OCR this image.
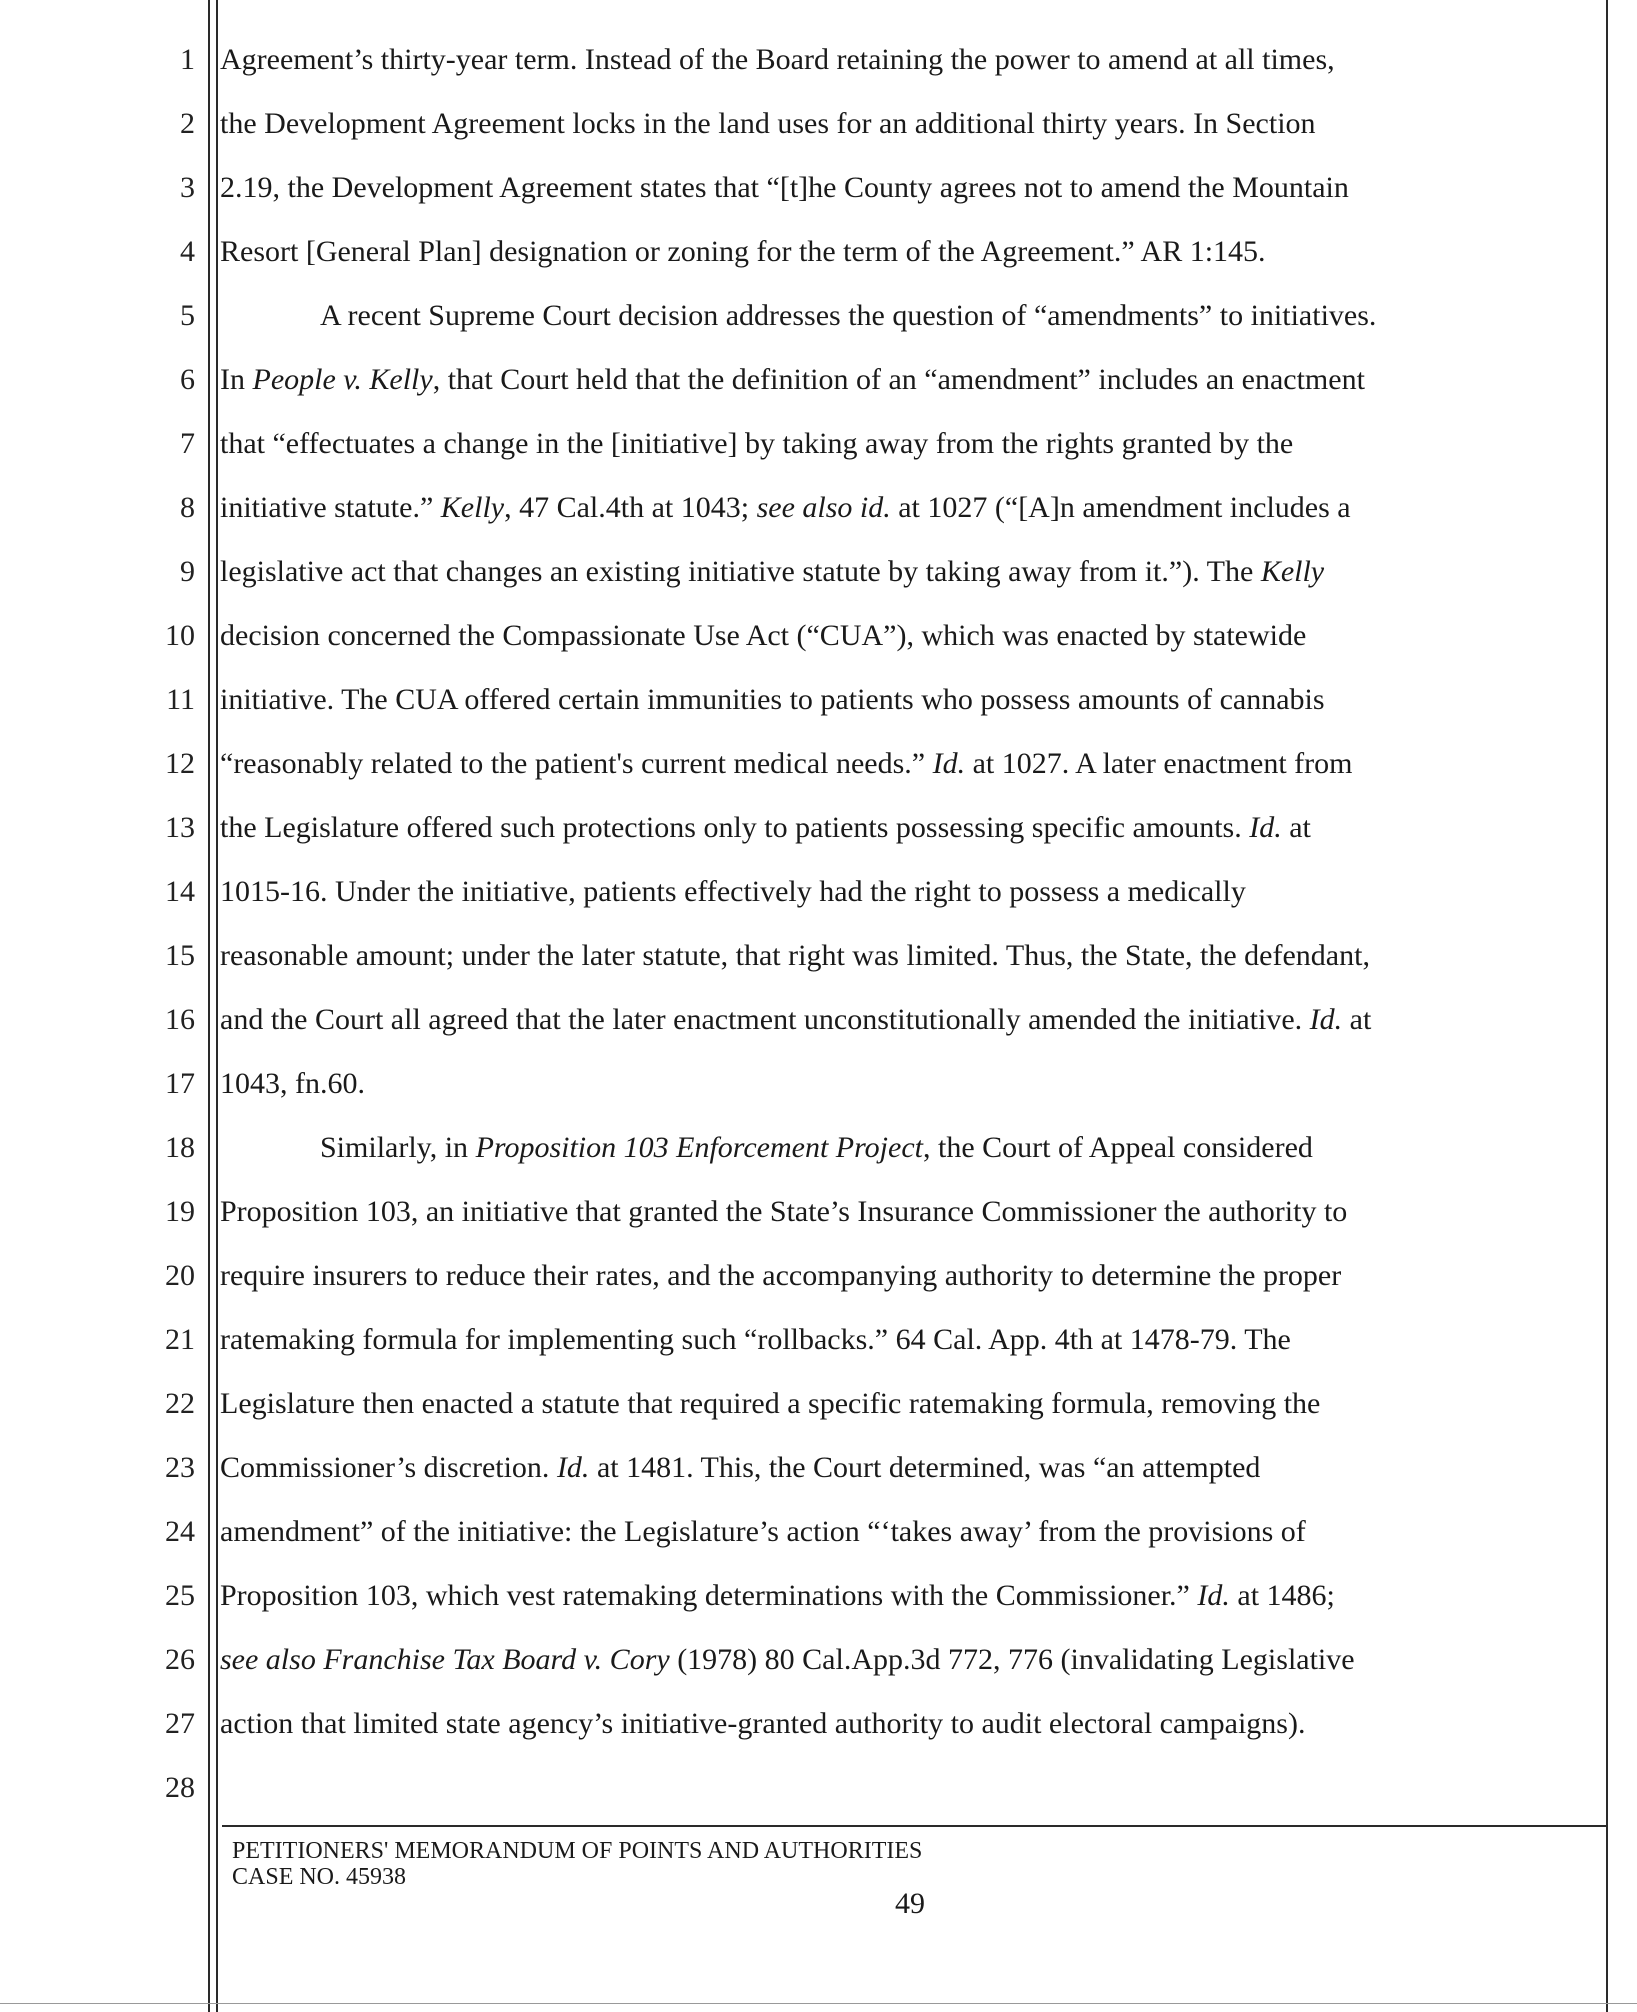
1
2
3
4
5
6
7
8
9
10
11
12
13
14
15
16
17
18
19
20
21
22
23
24
25
26
27
28
Agreement’s thirty-year term. Instead of the Board retaining the power to amend at all times,
the Development Agreement locks in the land uses for an additional thirty years. In Section
2.19, the Development Agreement states that “[t]he County agrees not to amend the Mountain
Resort [General Plan] designation or zoning for the term of the Agreement.” AR 1:145.
A recent Supreme Court decision addresses the question of “amendments” to initiatives.
In People v. Kelly, that Court held that the definition of an “amendment” includes an enactment
that “effectuates a change in the [initiative] by taking away from the rights granted by the
initiative statute.” Kelly, 47 Cal.4th at 1043; see also id. at 1027 (“[A]n amendment includes a
legislative act that changes an existing initiative statute by taking away from it.”). The Kelly
decision concerned the Compassionate Use Act (“CUA”), which was enacted by statewide
initiative. The CUA offered certain immunities to patients who possess amounts of cannabis
“reasonably related to the patient's current medical needs.” Id. at 1027. A later enactment from
the Legislature offered such protections only to patients possessing specific amounts. Id. at
1015-16. Under the initiative, patients effectively had the right to possess a medically
reasonable amount; under the later statute, that right was limited. Thus, the State, the defendant,
and the Court all agreed that the later enactment unconstitutionally amended the initiative. Id. at
1043, fn.60.
Similarly, in Proposition 103 Enforcement Project, the Court of Appeal considered
Proposition 103, an initiative that granted the State’s Insurance Commissioner the authority to
require insurers to reduce their rates, and the accompanying authority to determine the proper
ratemaking formula for implementing such “rollbacks.” 64 Cal. App. 4th at 1478-79. The
Legislature then enacted a statute that required a specific ratemaking formula, removing the
Commissioner’s discretion. Id. at 1481. This, the Court determined, was “an attempted
amendment” of the initiative: the Legislature’s action “‘takes away’ from the provisions of
Proposition 103, which vest ratemaking determinations with the Commissioner.” Id. at 1486;
see also Franchise Tax Board v. Cory (1978) 80 Cal.App.3d 772, 776 (invalidating Legislative
action that limited state agency’s initiative-granted authority to audit electoral campaigns).
PETITIONERS' MEMORANDUM OF POINTS AND AUTHORITIES
CASE NO. 45938
49
